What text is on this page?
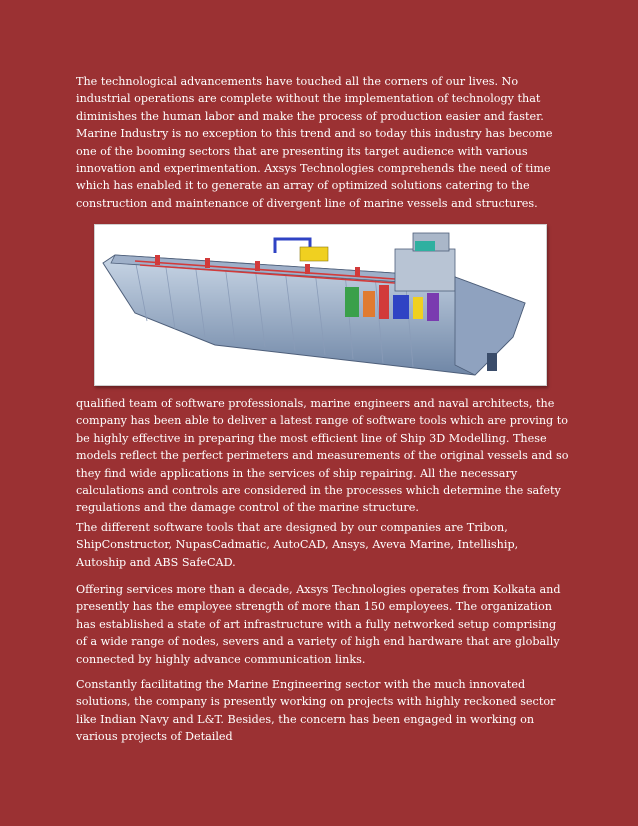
The technological advancements have touched all the corners of our lives. No industrial operations are complete without the implementation of technology that diminishes the human labor and make the process of production easier and faster. Marine Industry is no exception to this trend and so today this industry has become one of the booming sectors that are presenting its target audience with various innovation and experimentation. Axsys Technologies comprehends the need of time which has enabled it to generate an array of optimized solutions catering to the construction and maintenance of divergent line of marine vessels and structures.

qualified team of software professionals, marine engineers and naval architects, the company has been able to deliver a latest range of software tools which are proving to be highly effective in preparing the most efficient line of Ship 3D Modelling. These models reflect the perfect perimeters and measurements of the original vessels and so they find wide applications in the services of ship repairing. All the necessary calculations and controls are considered in the processes which determine the safety regulations and the damage control of the marine structure.

The different software tools that are designed by our companies are Tribon, ShipConstructor, NupasCadmatic, AutoCAD, Ansys, Aveva Marine, Intelliship, Autoship and ABS SafeCAD.

Offering services more than a decade, Axsys Technologies operates from Kolkata and presently has the employee strength of more than 150 employees. The organization has established a state of art infrastructure with a fully networked setup comprising of a wide range of nodes, severs and a variety of high end hardware that are globally connected by highly advance communication links.

Constantly facilitating the Marine Engineering sector with the much innovated solutions, the company is presently working on projects with highly reckoned sector like Indian Navy and L&T. Besides, the concern has been engaged in working on various projects of Detailed
